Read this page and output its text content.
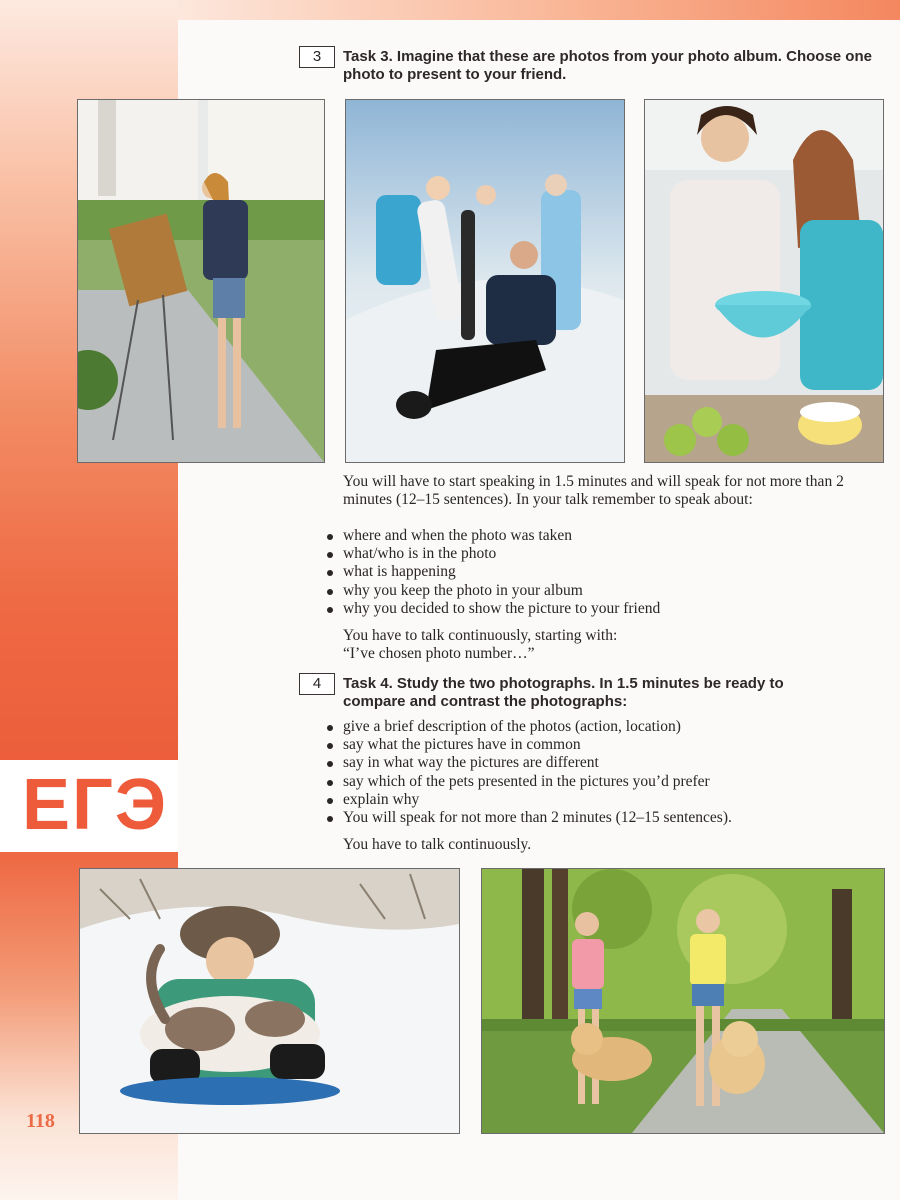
ЕГЭ
118
3	Task 3. Imagine that these are photos from your photo album. Choose one photo to present to your friend.
You will have to start speaking in 1.5 minutes and will speak for not more than 2 minutes (12–15 sentences). In your talk remember to speak about:
where and when the photo was taken
what/who is in the photo
what is happening
why you keep the photo in your album
why you decided to show the picture to your friend
You have to talk continuously, starting with:
“I’ve chosen photo number…”
4	Task 4. Study the two photographs. In 1.5 minutes be ready to compare and contrast the photographs:
give a brief description of the photos (action, location)
say what the pictures have in common
say in what way the pictures are different
say which of the pets presented in the pictures you’d prefer
explain why
You will speak for not more than 2 minutes (12–15 sentences).
You have to talk continuously.
